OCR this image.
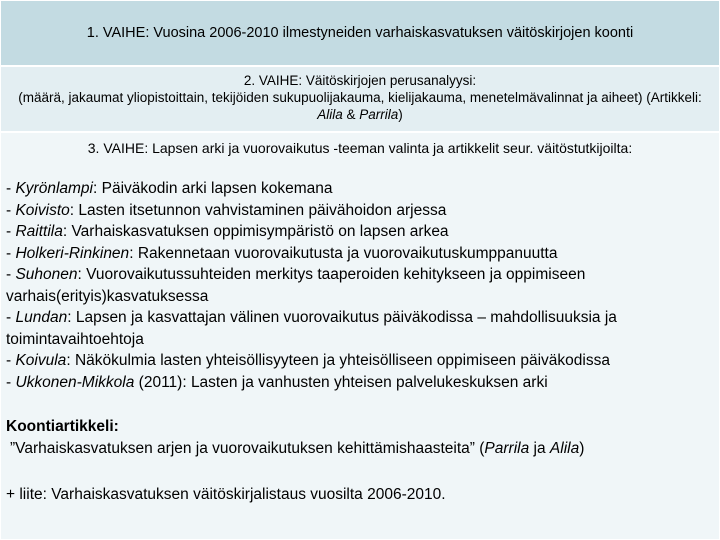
1. VAIHE: Vuosina 2006-2010 ilmestyneiden varhaiskasvatuksen väitöskirjojen koonti
2. VAIHE: Väitöskirjojen perusanalyysi:
(määrä, jakaumat yliopistoittain, tekijöiden sukupuolijakauma, kielijakauma, menetelmävalinnat ja aiheet) (Artikkeli: Alila & Parrila)
3. VAIHE: Lapsen arki ja vuorovaikutus -teeman valinta ja artikkelit seur. väitöstutkijoilta:
- Kyrönlampi: Päiväkodin arki lapsen kokemana
- Koivisto: Lasten itsetunnon vahvistaminen päivähoidon arjessa
- Raittila: Varhaiskasvatuksen oppimisympäristö on lapsen arkea
- Holkeri-Rinkinen: Rakennetaan vuorovaikutusta ja vuorovaikutuskumppanuutta
- Suhonen: Vuorovaikutussuhteiden merkitys taaperoiden kehitykseen ja oppimiseen varhais(erityis)kasvatuksessa
- Lundan: Lapsen ja kasvattajan välinen vuorovaikutus päiväkodissa – mahdollisuuksia ja toimintavaihtoehtoja
- Koivula: Näkökulmia lasten yhteisöllisyyteen ja yhteisölliseen oppimiseen päiväkodissa
- Ukkonen-Mikkola (2011): Lasten ja vanhusten yhteisen palvelukeskuksen arki
Koontiartikkeli:
”Varhaiskasvatuksen arjen ja vuorovaikutuksen kehittämishaasteita” (Parrila ja Alila)
+ liite: Varhaiskasvatuksen väitöskirjalistaus vuosilta 2006-2010.
